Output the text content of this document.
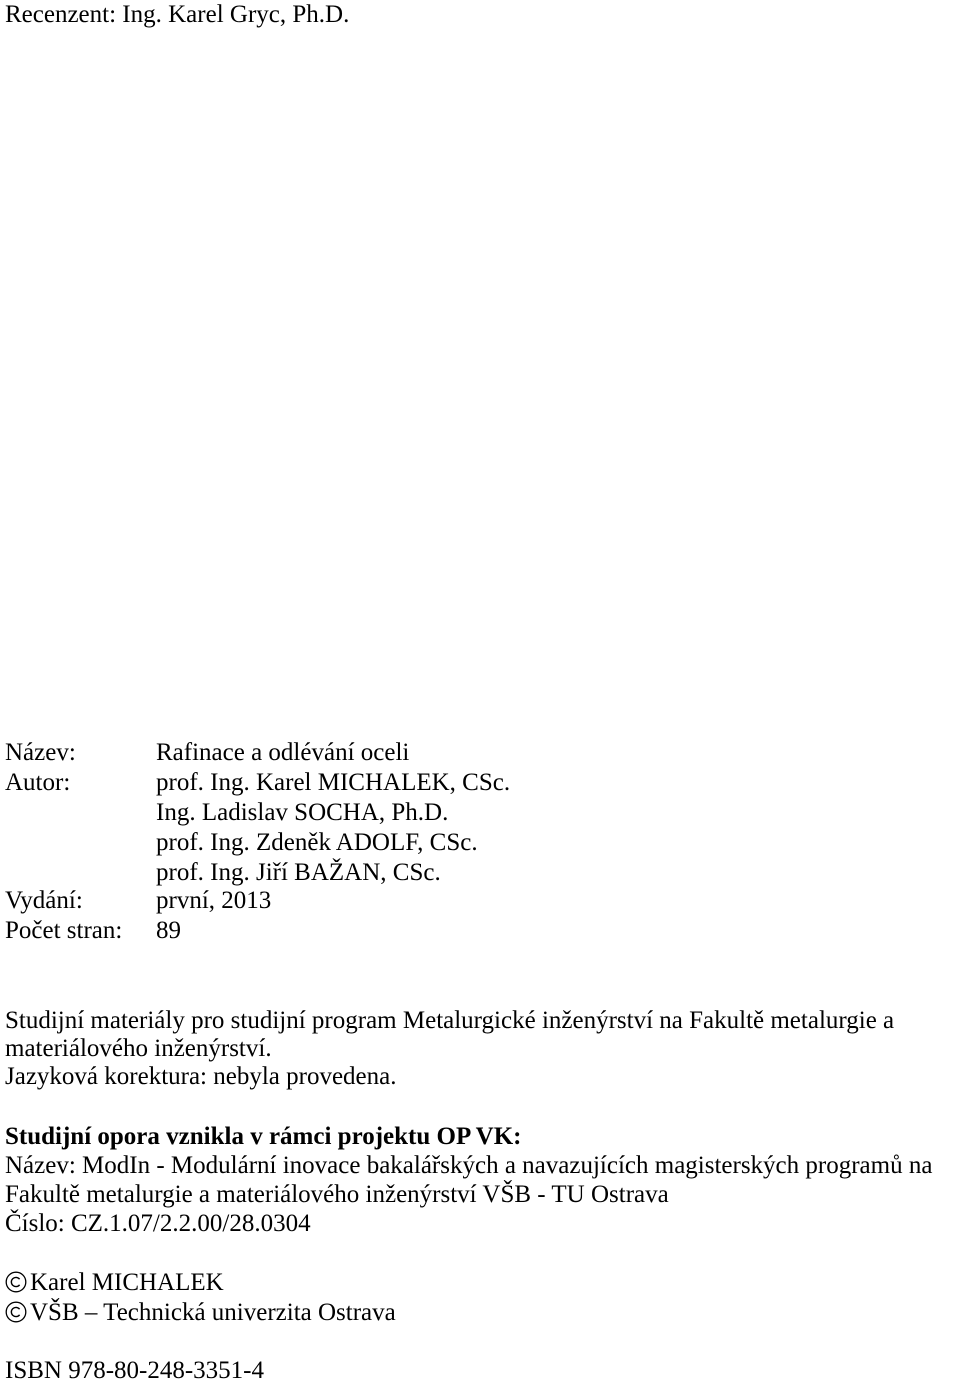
Recenzent: Ing. Karel Gryc, Ph.D.
Název:	Rafinace a odlévání oceli
Autor:	prof. Ing. Karel MICHALEK, CSc.
Ing. Ladislav SOCHA, Ph.D.
prof. Ing. Zdeněk ADOLF, CSc.
prof. Ing. Jiří BAŽAN, CSc.
Vydání:	první, 2013
Počet stran: 89
Studijní materiály pro studijní program Metalurgické inženýrství na Fakultě metalurgie a
materiálového inženýrství.
Jazyková korektura: nebyla provedena.
Studijní opora vznikla v rámci projektu OP VK:
Název: ModIn - Modulární inovace bakalářských a navazujících magisterských programů na
Fakultě metalurgie a materiálového inženýrství VŠB - TU Ostrava
Číslo: CZ.1.07/2.2.00/28.0304
Karel MICHALEK
VŠB – Technická univerzita Ostrava
ISBN 978-80-248-3351-4
